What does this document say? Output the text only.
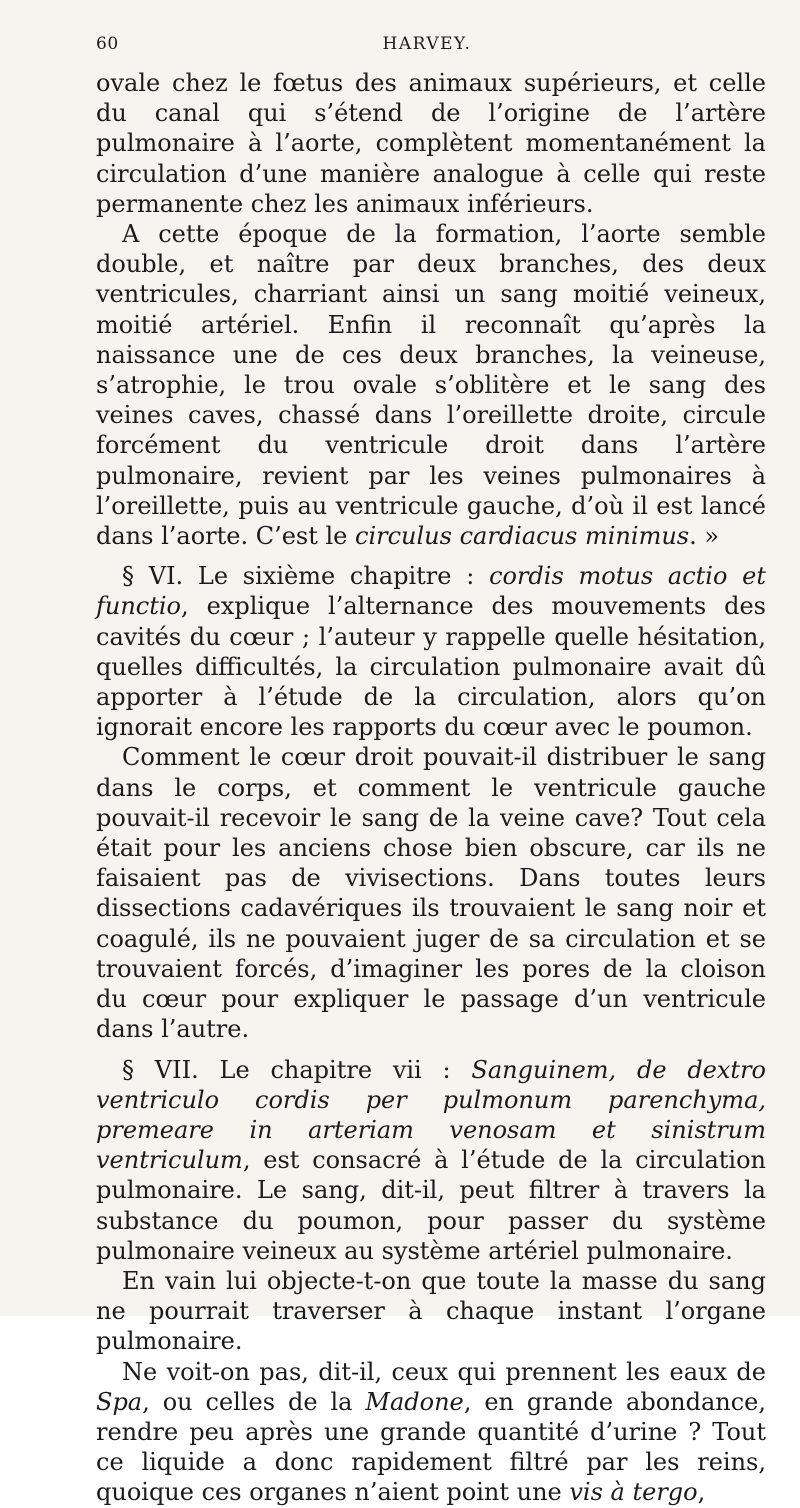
60	HARVEY.

ovale chez le fœtus des animaux supérieurs, et celle du canal qui s’étend de l’origine de l’artère pulmonaire à l’aorte, complètent momentanément la circulation d’une manière analogue à celle qui reste permanente chez les animaux inférieurs.

A cette époque de la formation, l’aorte semble double, et naître par deux branches, des deux ventricules, charriant ainsi un sang moitié veineux, moitié artériel. Enfin il reconnaît qu’après la naissance une de ces deux branches, la veineuse, s’atrophie, le trou ovale s’oblitère et le sang des veines caves, chassé dans l’oreillette droite, circule forcément du ventricule droit dans l’artère pulmonaire, revient par les veines pulmonaires à l’oreillette, puis au ventricule gauche, d’où il est lancé dans l’aorte. C’est le circulus cardiacus minimus. »

§ VI. Le sixième chapitre : cordis motus actio et functio, explique l’alternance des mouvements des cavités du cœur ; l’auteur y rappelle quelle hésitation, quelles difficultés, la circulation pulmonaire avait dû apporter à l’étude de la circulation, alors qu’on ignorait encore les rapports du cœur avec le poumon.

Comment le cœur droit pouvait-il distribuer le sang dans le corps, et comment le ventricule gauche pouvait-il recevoir le sang de la veine cave? Tout cela était pour les anciens chose bien obscure, car ils ne faisaient pas de vivisections. Dans toutes leurs dissections cadavériques ils trouvaient le sang noir et coagulé, ils ne pouvaient juger de sa circulation et se trouvaient forcés, d’imaginer les pores de la cloison du cœur pour expliquer le passage d’un ventricule dans l’autre.

§ VII. Le chapitre vii : Sanguinem, de dextro ventriculo cordis per pulmonum parenchyma, premeare in arteriam venosam et sinistrum ventriculum, est consacré à l’étude de la circulation pulmonaire. Le sang, dit-il, peut filtrer à travers la substance du poumon, pour passer du système pulmonaire veineux au système artériel pulmonaire.

En vain lui objecte-t-on que toute la masse du sang ne pourrait traverser à chaque instant l’organe pulmonaire.

Ne voit-on pas, dit-il, ceux qui prennent les eaux de Spa, ou celles de la Madone, en grande abondance, rendre peu après une grande quantité d’urine ? Tout ce liquide a donc rapidement filtré par les reins, quoique ces organes n’aient point une vis à tergo,
